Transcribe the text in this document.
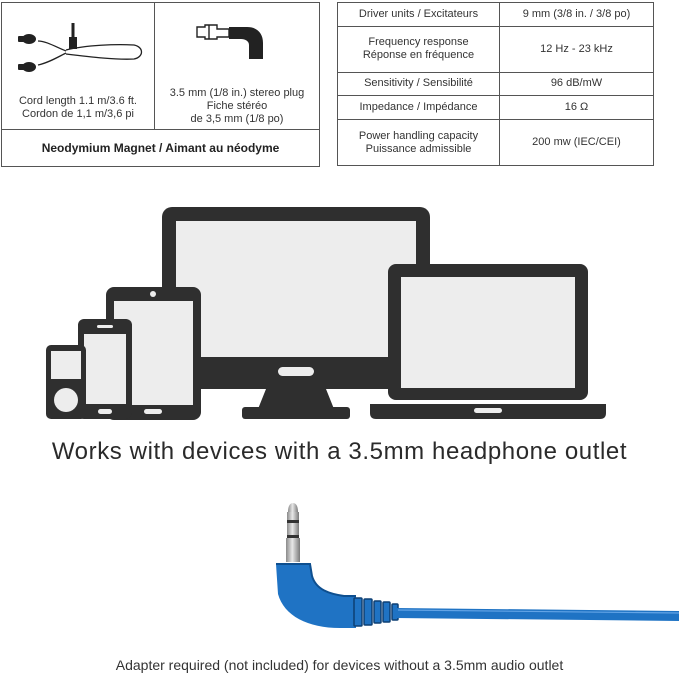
Cord length 1.1 m/3.6 ft.
Cordon de 1,1 m/3,6 pi
3.5 mm (1/8 in.) stereo plug
Fiche stéréo
de 3,5 mm (1/8 po)
Neodymium Magnet / Aimant au néodyme
Driver units / Excitateurs	9 mm (3/8 in. / 3/8 po)

Frequency response
Réponse en fréquence	12 Hz - 23 kHz

Sensitivity / Sensibilité	96 dB/mW

Impedance / Impédance	16 Ω

Power handling capacity
Puissance admissible	200 mw (IEC/CEI)
Works with devices with a 3.5mm headphone outlet
Adapter required (not included) for devices without a 3.5mm audio outlet
